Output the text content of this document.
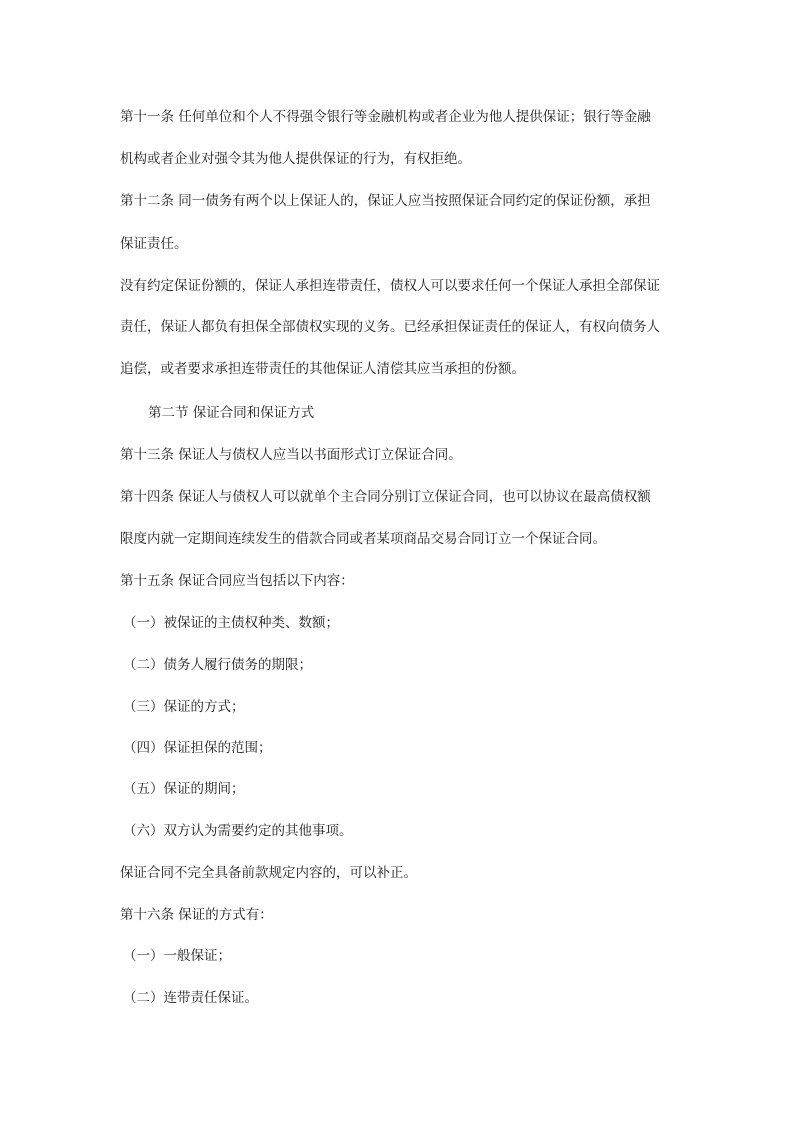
第十一条 任何单位和个人不得强令银行等金融机构或者企业为他人提供保证；银行等金融
机构或者企业对强令其为他人提供保证的行为，有权拒绝。
第十二条 同一债务有两个以上保证人的，保证人应当按照保证合同约定的保证份额，承担
保证责任。
没有约定保证份额的，保证人承担连带责任，债权人可以要求任何一个保证人承担全部保证
责任，保证人都负有担保全部债权实现的义务。已经承担保证责任的保证人，有权向债务人
追偿，或者要求承担连带责任的其他保证人清偿其应当承担的份额。
第二节 保证合同和保证方式
第十三条 保证人与债权人应当以书面形式订立保证合同。
第十四条 保证人与债权人可以就单个主合同分别订立保证合同，也可以协议在最高债权额
限度内就一定期间连续发生的借款合同或者某项商品交易合同订立一个保证合同。
第十五条 保证合同应当包括以下内容：
（一）被保证的主债权种类、数额；
（二）债务人履行债务的期限；
（三）保证的方式；
（四）保证担保的范围；
（五）保证的期间；
（六）双方认为需要约定的其他事项。
保证合同不完全具备前款规定内容的，可以补正。
第十六条 保证的方式有：
（一）一般保证；
（二）连带责任保证。
